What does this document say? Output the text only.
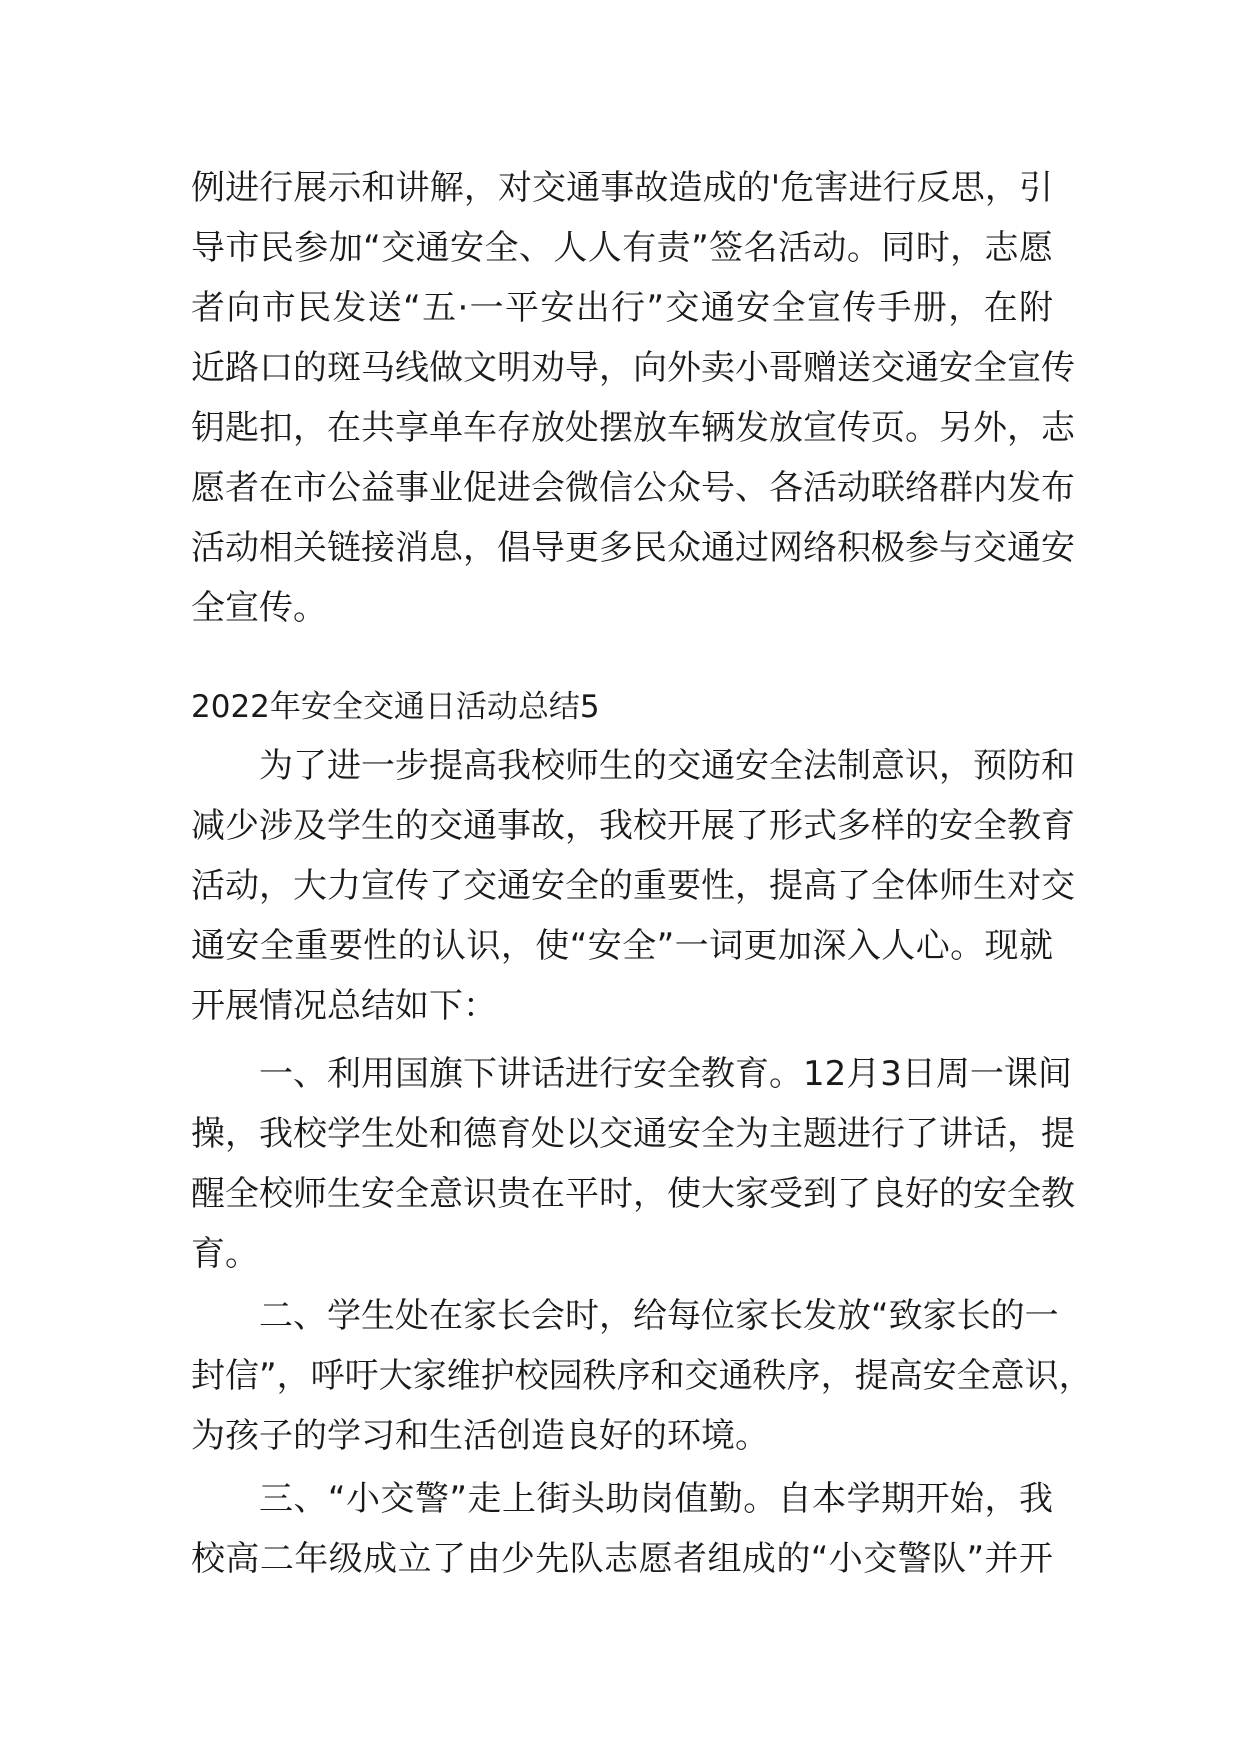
例进行展示和讲解，对交通事故造成的'危害进行反思，引
导市民参加“交通安全、人人有责”签名活动。同时，志愿
者向市民发送“五·一平安出行”交通安全宣传手册，在附
近路口的斑马线做文明劝导，向外卖小哥赠送交通安全宣传
钥匙扣，在共享单车存放处摆放车辆发放宣传页。另外，志
愿者在市公益事业促进会微信公众号、各活动联络群内发布
活动相关链接消息，倡导更多民众通过网络积极参与交通安
全宣传。
2022年安全交通日活动总结5
为了进一步提高我校师生的交通安全法制意识，预防和
减少涉及学生的交通事故，我校开展了形式多样的安全教育
活动，大力宣传了交通安全的重要性，提高了全体师生对交
通安全重要性的认识，使“安全”一词更加深入人心。现就
开展情况总结如下：
一、利用国旗下讲话进行安全教育。12月3日周一课间
操，我校学生处和德育处以交通安全为主题进行了讲话，提
醒全校师生安全意识贵在平时，使大家受到了良好的安全教
育。
二、学生处在家长会时，给每位家长发放“致家长的一
封信”，呼吁大家维护校园秩序和交通秩序，提高安全意识，
为孩子的学习和生活创造良好的环境。
三、“小交警”走上街头助岗值勤。自本学期开始，我
校高二年级成立了由少先队志愿者组成的“小交警队”并开
